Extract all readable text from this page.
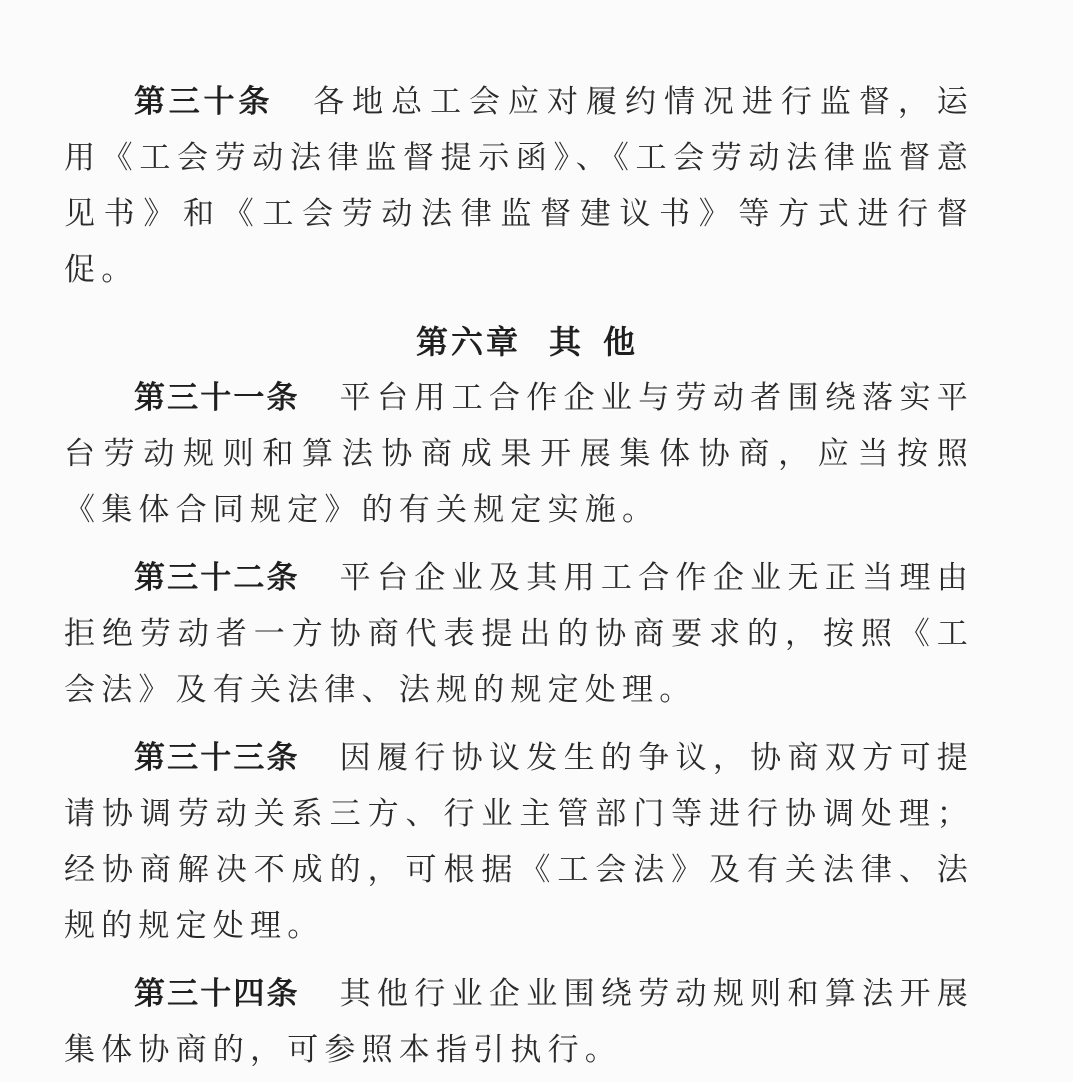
第三十条 各地总工会应对履约情况进行监督，运用《工会劳动法律监督提示函》、《工会劳动法律监督意见书》和《工会劳动法律监督建议书》等方式进行督促。

第六章 其他

第三十一条 平台用工合作企业与劳动者围绕落实平台劳动规则和算法协商成果开展集体协商，应当按照《集体合同规定》的有关规定实施。

第三十二条 平台企业及其用工合作企业无正当理由拒绝劳动者一方协商代表提出的协商要求的，按照《工会法》及有关法律、法规的规定处理。

第三十三条 因履行协议发生的争议，协商双方可提请协调劳动关系三方、行业主管部门等进行协调处理；经协商解决不成的，可根据《工会法》及有关法律、法规的规定处理。

第三十四条 其他行业企业围绕劳动规则和算法开展集体协商的，可参照本指引执行。
